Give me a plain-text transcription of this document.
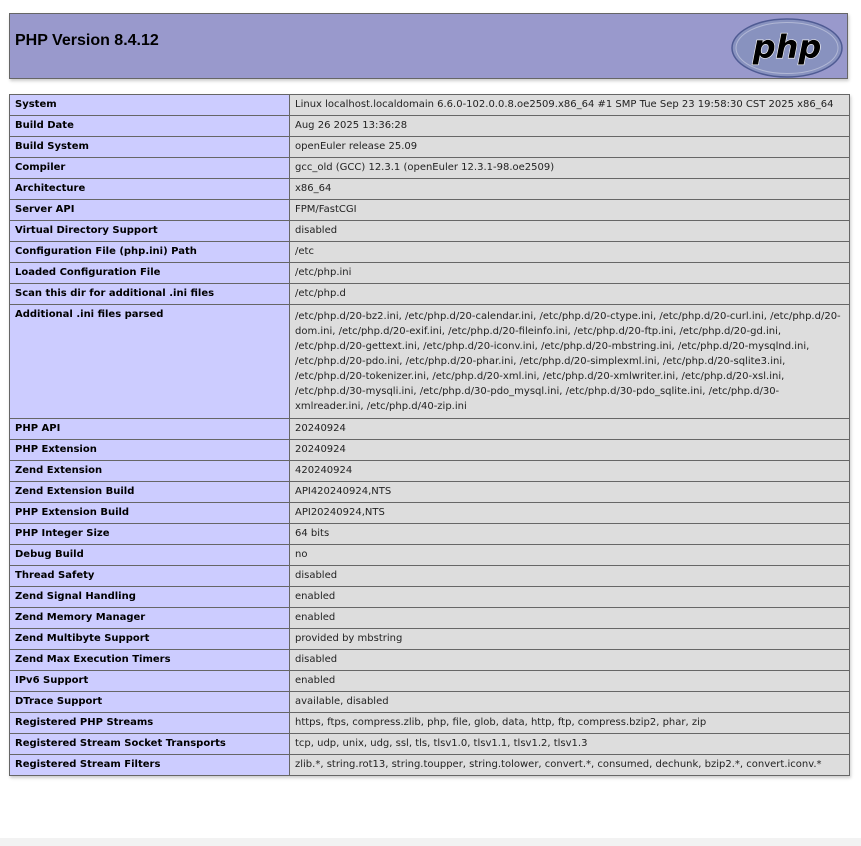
PHP Version 8.4.12	php
System	Linux localhost.localdomain 6.6.0-102.0.0.8.oe2509.x86_64 #1 SMP Tue Sep 23 19:58:30 CST 2025 x86_64
Build Date	Aug 26 2025 13:36:28
Build System	openEuler release 25.09
Compiler	gcc_old (GCC) 12.3.1 (openEuler 12.3.1-98.oe2509)
Architecture	x86_64
Server API	FPM/FastCGI
Virtual Directory Support	disabled
Configuration File (php.ini) Path	/etc
Loaded Configuration File	/etc/php.ini
Scan this dir for additional .ini files	/etc/php.d
Additional .ini files parsed	/etc/php.d/20-bz2.ini, /etc/php.d/20-calendar.ini, /etc/php.d/20-ctype.ini, /etc/php.d/20-curl.ini, /etc/php.d/20-dom.ini, /etc/php.d/20-exif.ini, /etc/php.d/20-fileinfo.ini, /etc/php.d/20-ftp.ini, /etc/php.d/20-gd.ini, /etc/php.d/20-gettext.ini, /etc/php.d/20-iconv.ini, /etc/php.d/20-mbstring.ini, /etc/php.d/20-mysqlnd.ini, /etc/php.d/20-pdo.ini, /etc/php.d/20-phar.ini, /etc/php.d/20-simplexml.ini, /etc/php.d/20-sqlite3.ini, /etc/php.d/20-tokenizer.ini, /etc/php.d/20-xml.ini, /etc/php.d/20-xmlwriter.ini, /etc/php.d/20-xsl.ini, /etc/php.d/30-mysqli.ini, /etc/php.d/30-pdo_mysql.ini, /etc/php.d/30-pdo_sqlite.ini, /etc/php.d/30-xmlreader.ini, /etc/php.d/40-zip.ini
PHP API	20240924
PHP Extension	20240924
Zend Extension	420240924
Zend Extension Build	API420240924,NTS
PHP Extension Build	API20240924,NTS
PHP Integer Size	64 bits
Debug Build	no
Thread Safety	disabled
Zend Signal Handling	enabled
Zend Memory Manager	enabled
Zend Multibyte Support	provided by mbstring
Zend Max Execution Timers	disabled
IPv6 Support	enabled
DTrace Support	available, disabled
Registered PHP Streams	https, ftps, compress.zlib, php, file, glob, data, http, ftp, compress.bzip2, phar, zip
Registered Stream Socket Transports	tcp, udp, unix, udg, ssl, tls, tlsv1.0, tlsv1.1, tlsv1.2, tlsv1.3
Registered Stream Filters	zlib.*, string.rot13, string.toupper, string.tolower, convert.*, consumed, dechunk, bzip2.*, convert.iconv.*
